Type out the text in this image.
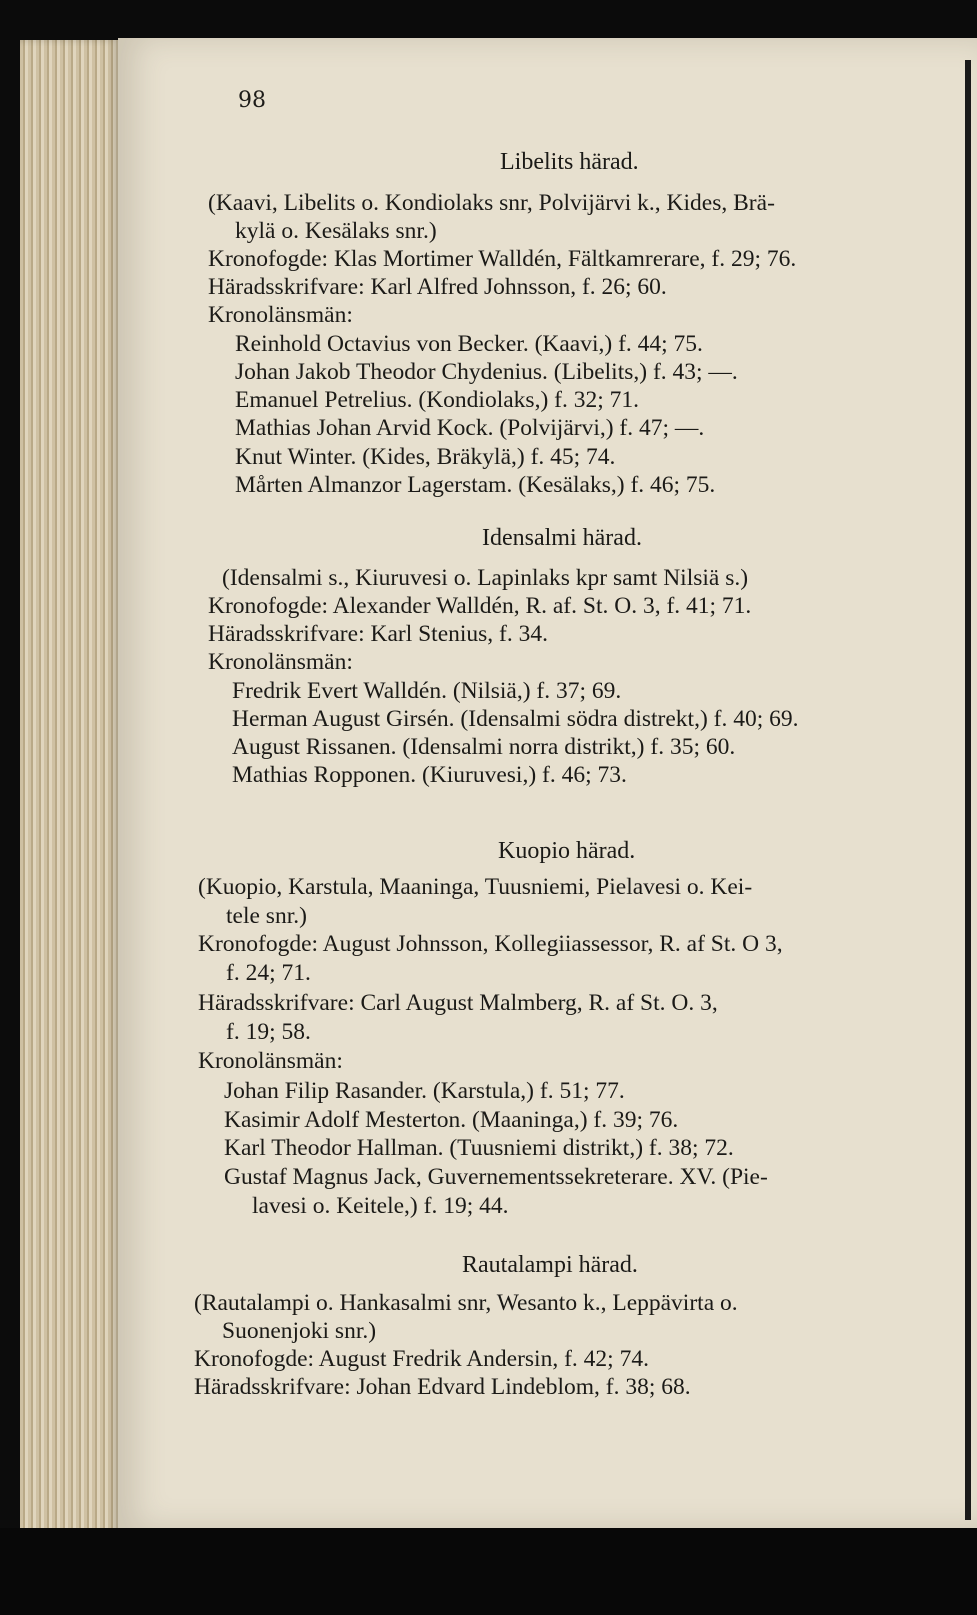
98
Libelits härad.
(Kaavi, Libelits o. Kondiolaks snr, Polvijärvi k., Kides, Brä-
kylä o. Kesälaks snr.)
Kronofogde: Klas Mortimer Walldén, Fältkamrerare, f. 29; 76.
Häradsskrifvare: Karl Alfred Johnsson, f. 26; 60.
Kronolänsmän:
Reinhold Octavius von Becker. (Kaavi,) f. 44; 75.
Johan Jakob Theodor Chydenius. (Libelits,) f. 43; —.
Emanuel Petrelius. (Kondiolaks,) f. 32; 71.
Mathias Johan Arvid Kock. (Polvijärvi,) f. 47; —.
Knut Winter. (Kides, Bräkylä,) f. 45; 74.
Mårten Almanzor Lagerstam. (Kesälaks,) f. 46; 75.
Idensalmi härad.
(Idensalmi s., Kiuruvesi o. Lapinlaks kpr samt Nilsiä s.)
Kronofogde: Alexander Walldén, R. af. St. O. 3, f. 41; 71.
Häradsskrifvare: Karl Stenius, f. 34.
Kronolänsmän:
Fredrik Evert Walldén. (Nilsiä,) f. 37; 69.
Herman August Girsén. (Idensalmi södra distrekt,) f. 40; 69.
August Rissanen. (Idensalmi norra distrikt,) f. 35; 60.
Mathias Ropponen. (Kiuruvesi,) f. 46; 73.
Kuopio härad.
(Kuopio, Karstula, Maaninga, Tuusniemi, Pielavesi o. Kei-
tele snr.)
Kronofogde: August Johnsson, Kollegiiassessor, R. af St. O 3,
f. 24; 71.
Häradsskrifvare: Carl August Malmberg, R. af St. O. 3,
f. 19; 58.
Kronolänsmän:
Johan Filip Rasander. (Karstula,) f. 51; 77.
Kasimir Adolf Mesterton. (Maaninga,) f. 39; 76.
Karl Theodor Hallman. (Tuusniemi distrikt,) f. 38; 72.
Gustaf Magnus Jack, Guvernementssekreterare. XV. (Pie-
lavesi o. Keitele,) f. 19; 44.
Rautalampi härad.
(Rautalampi o. Hankasalmi snr, Wesanto k., Leppävirta o.
Suonenjoki snr.)
Kronofogde: August Fredrik Andersin, f. 42; 74.
Häradsskrifvare: Johan Edvard Lindeblom, f. 38; 68.
